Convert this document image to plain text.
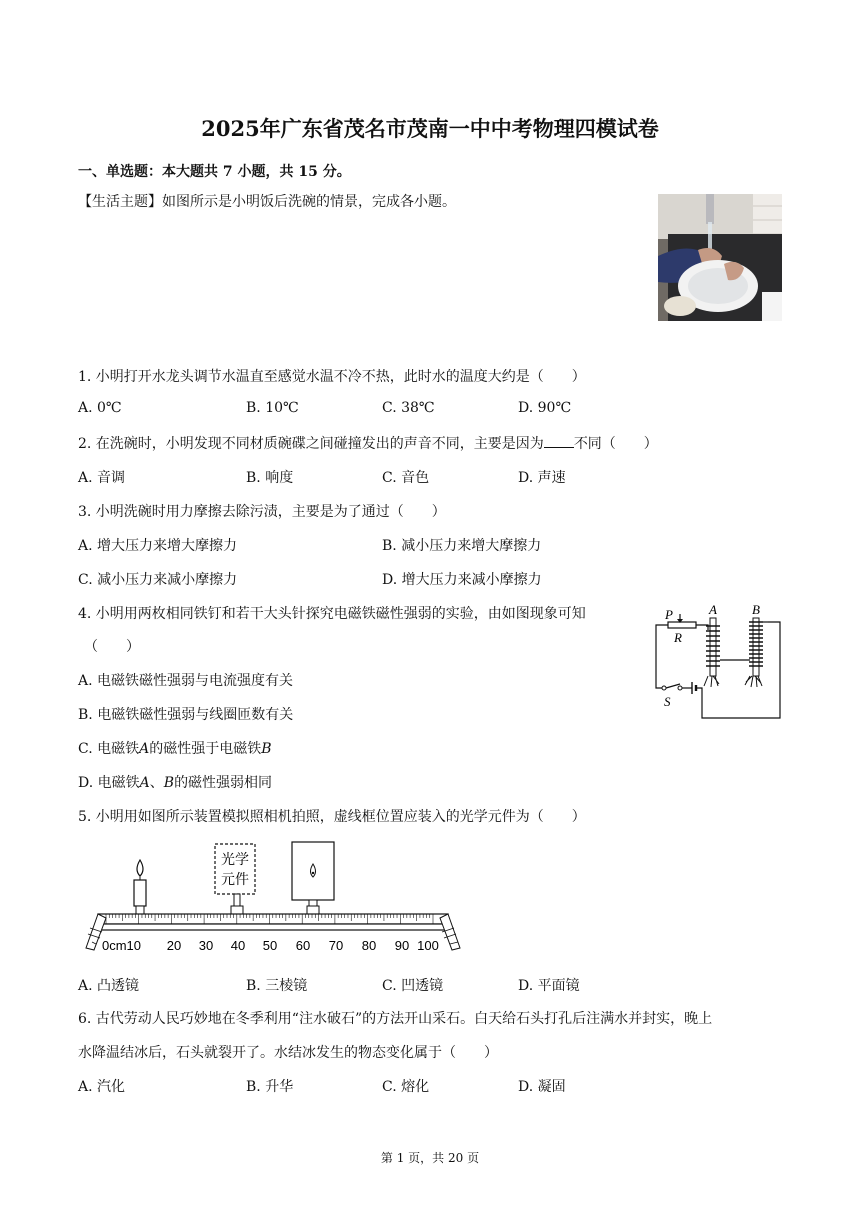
2025年广东省茂名市茂南一中中考物理四模试卷
一、单选题：本大题共 7 小题，共 15 分。
【生活主题】如图所示是小明饭后洗碗的情景，完成各小题。
1. 小明打开水龙头调节水温直至感觉水温不冷不热，此时水的温度大约是（　　）
A. 0℃	B. 10℃	C. 38℃	D. 90℃
2. 在洗碗时，小明发现不同材质碗碟之间碰撞发出的声音不同，主要是因为 不同（　　）
A. 音调	B. 响度	C. 音色	D. 声速
3. 小明洗碗时用力摩擦去除污渍，主要是为了通过（　　）
A. 增大压力来增大摩擦力	B. 减小压力来增大摩擦力
C. 减小压力来减小摩擦力	D. 增大压力来减小摩擦力
4. 小明用两枚相同铁钉和若干大头针探究电磁铁磁性强弱的实验，由如图现象可知
（　　）
A. 电磁铁磁性强弱与电流强度有关
B. 电磁铁磁性强弱与线圈匝数有关
C. 电磁铁A的磁性强于电磁铁B
D. 电磁铁A、B的磁性强弱相同
P
R
S
A	B
5. 小明用如图所示装置模拟照相机拍照，虚线框位置应装入的光学元件为（　　）
光学
元件
0cm10 20 30 40 50 60 70 80 90 100
A. 凸透镜	B. 三棱镜	C. 凹透镜	D. 平面镜
6. 古代劳动人民巧妙地在冬季利用“注水破石”的方法开山采石。白天给石头打孔后注满水并封实，晚上
水降温结冰后，石头就裂开了。水结冰发生的物态变化属于（　　）
A. 汽化	B. 升华	C. 熔化	D. 凝固
第 1 页，共 20 页
